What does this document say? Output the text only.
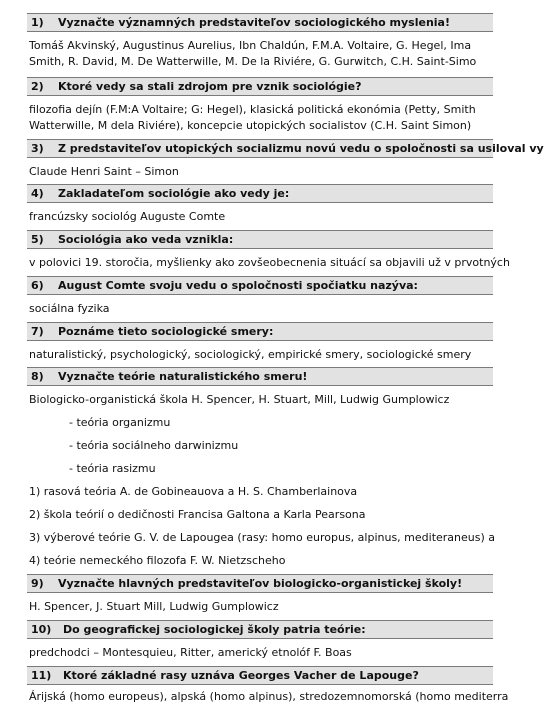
1) Vyznačte významných predstaviteľov sociologického myslenia!
Tomáš Akvinský, Augustinus Aurelius, Ibn Chaldún, F.M.A. Voltaire, G. Hegel, Ima
Smith, R. David, M. De Watterwille, M. De la Riviére, G. Gurwitch, C.H. Saint-Simo
2) Ktoré vedy sa stali zdrojom pre vznik sociológie?
filozofia dejín (F.M:A Voltaire; G: Hegel), klasická politická ekonómia (Petty, Smith
Watterwille, M dela Riviére), koncepcie utopických socialistov (C.H. Saint Simon)
3) Z predstaviteľov utopických socializmu novú vedu o spoločnosti sa usiloval vy
Claude Henri Saint – Simon
4) Zakladateľom sociológie ako vedy je:
francúzsky sociológ Auguste Comte
5) Sociológia ako veda vznikla:
v polovici 19. storočia, myšlienky ako zovšeobecnenia situácí sa objavili už v prvotných
6) August Comte svoju vedu o spoločnosti spočiatku nazýva:
sociálna fyzika
7) Poznáme tieto sociologické smery:
naturalistický, psychologický, sociologický, empirické smery, sociologické smery
8) Vyznačte teórie naturalistického smeru!
Biologicko-organistická škola H. Spencer, H. Stuart, Mill, Ludwig Gumplowicz
- teória organizmu
- teória sociálneho darwinizmu
- teória rasizmu
1) rasová teória A. de Gobineauova a H. S. Chamberlainova
2) škola teórií o dedičnosti Francisa Galtona a Karla Pearsona
3) výberové teórie G. V. de Lapougea (rasy: homo europus, alpinus, mediteraneus) a
4) teórie nemeckého filozofa F. W. Nietzscheho
9) Vyznačte hlavných predstaviteľov biologicko-organistickej školy!
H. Spencer, J. Stuart Mill, Ludwig Gumplowicz
10) Do geografickej sociologickej školy patria teórie:
predchodci – Montesquieu, Ritter, americký etnolóf F. Boas
11) Ktoré základné rasy uznáva Georges Vacher de Lapouge?
Árijská (homo europeus), alpská (homo alpinus), stredozemnomorská (homo mediterra
